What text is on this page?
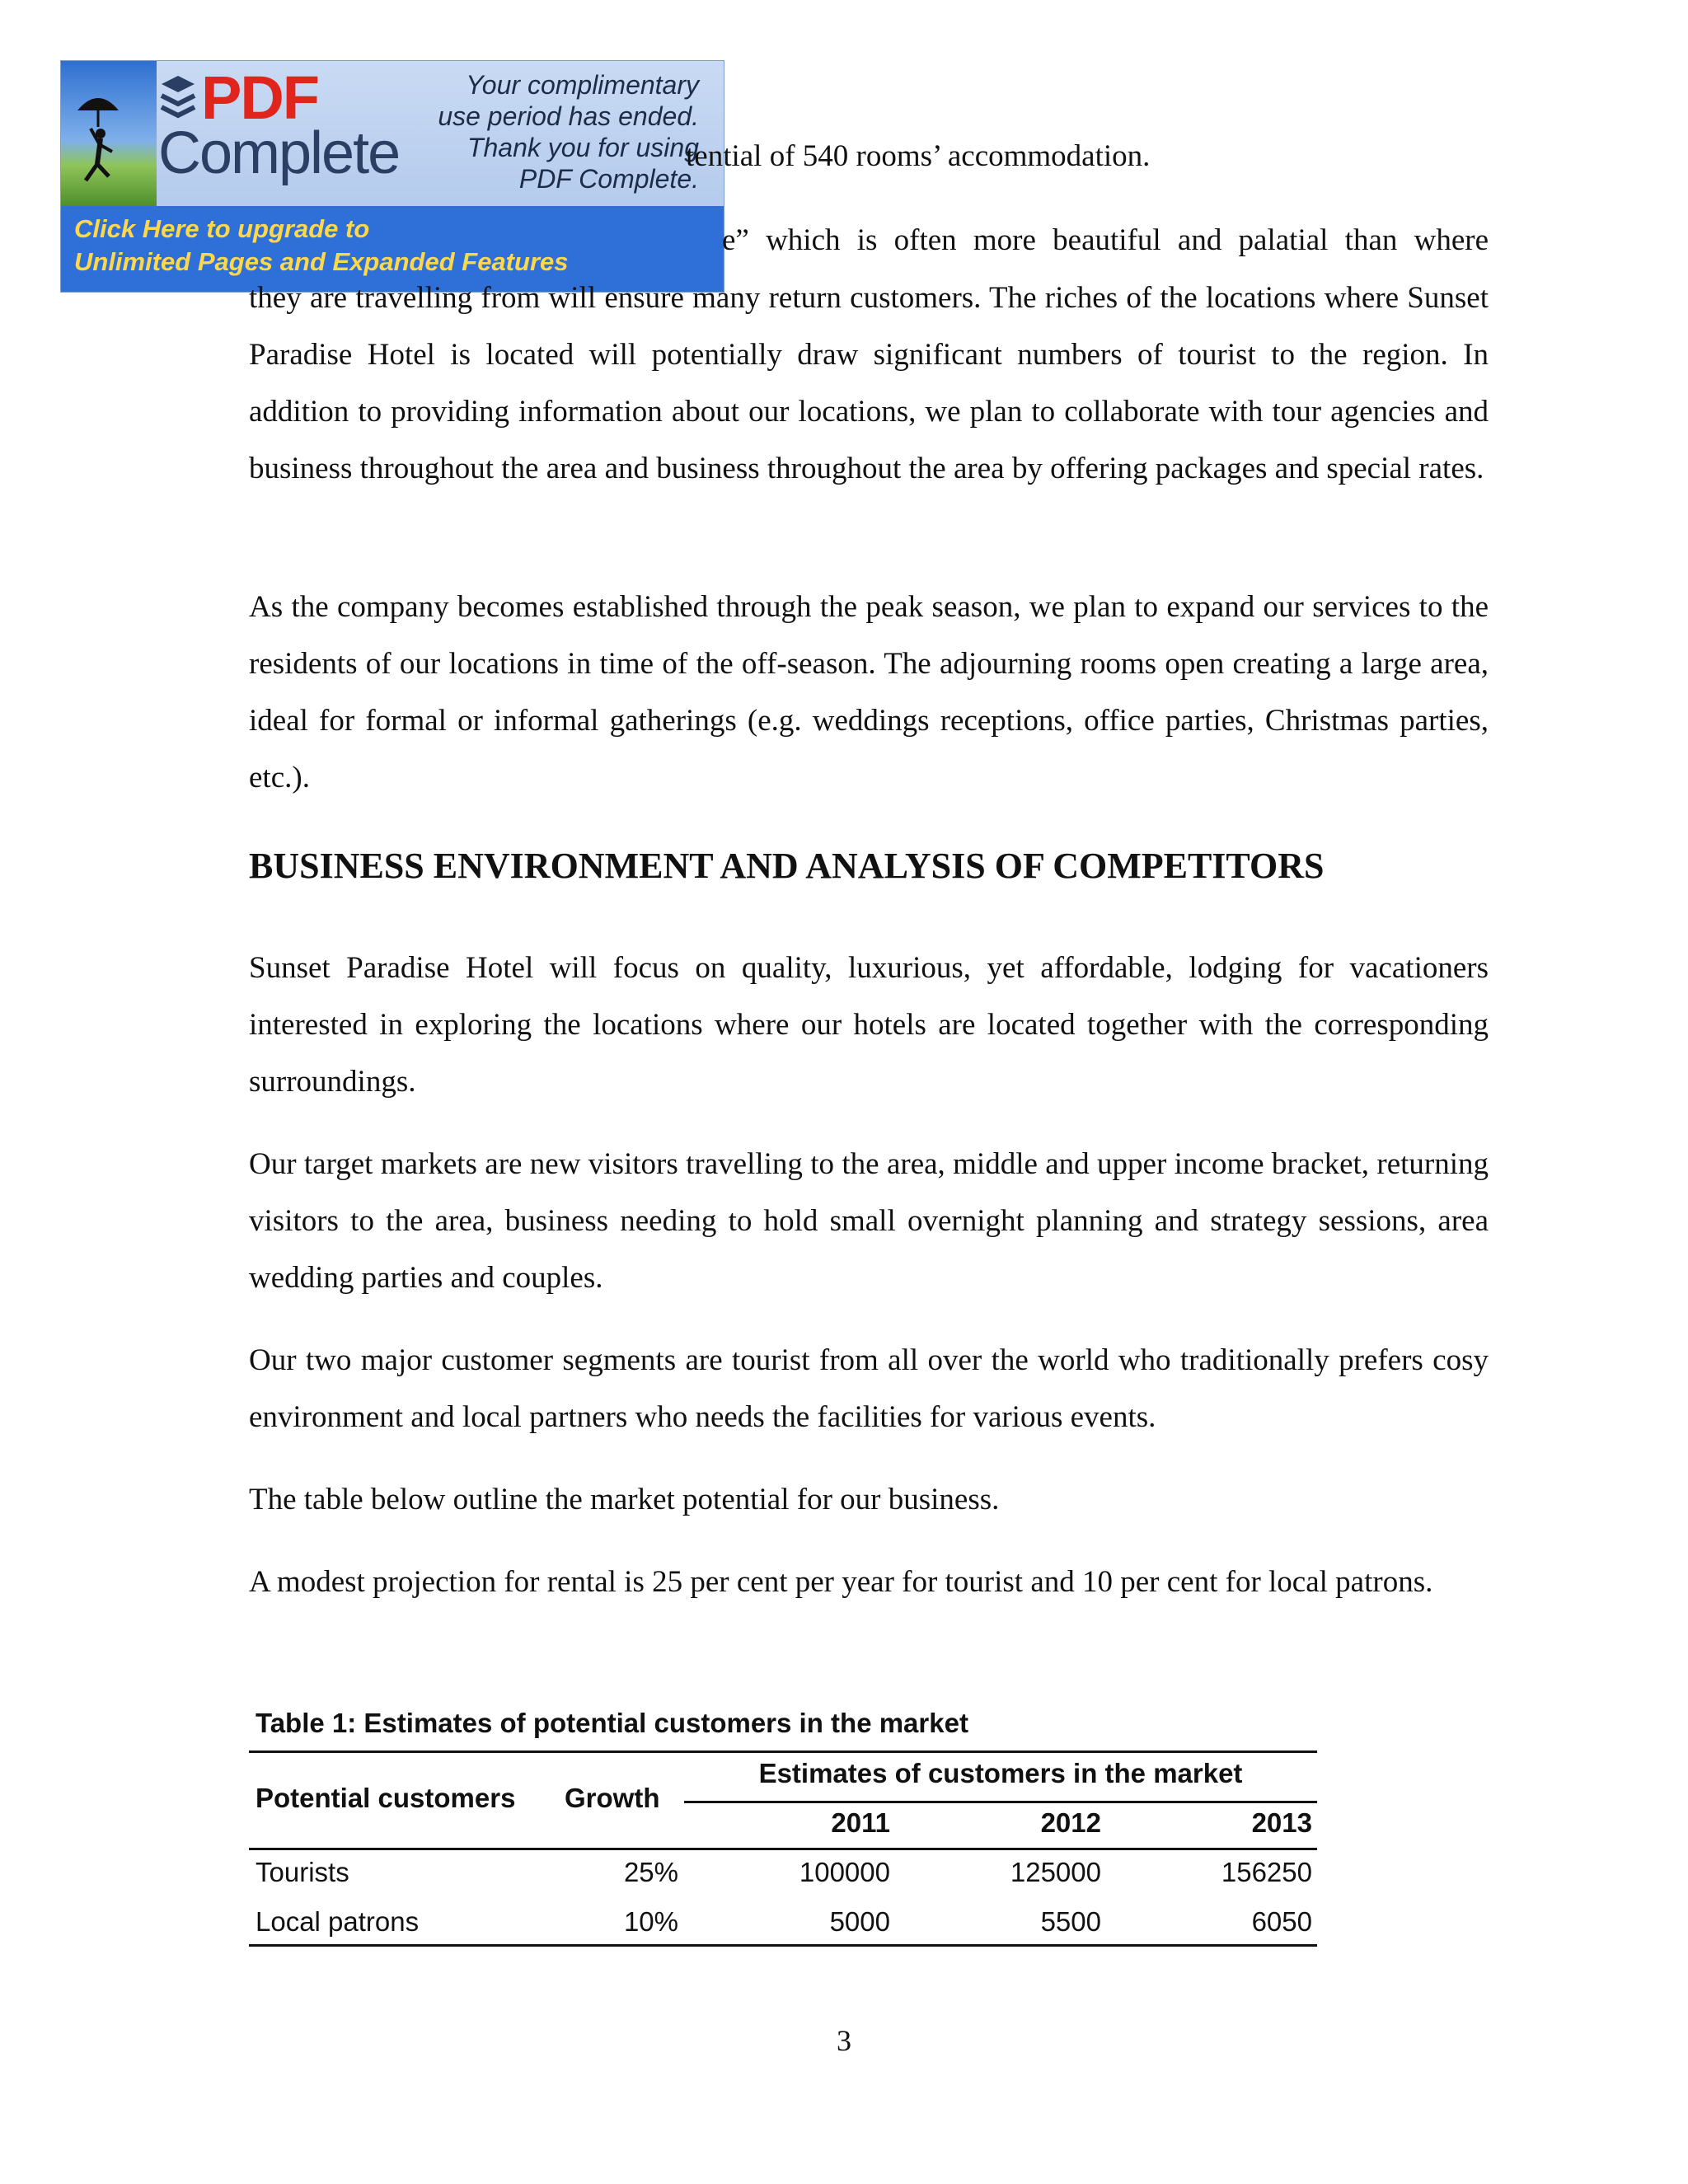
PDF
Complete
Your complimentary
use period has ended.
Thank you for using
PDF Complete.
Click Here to upgrade to
Unlimited Pages and Expanded Features

tential of 540 rooms’ accommodation.

e” which is often more beautiful and palatial than where

they are travelling from will ensure many return customers. The riches of the locations where Sunset Paradise Hotel is located will potentially draw significant numbers of tourist to the region. In addition to providing information about our locations, we plan to collaborate with tour agencies and business throughout the area and business throughout the area by offering packages and special rates.

As the company becomes established through the peak season, we plan to expand our services to the residents of our locations in time of the off-season. The adjourning rooms open creating a large area, ideal for formal or informal gatherings (e.g. weddings receptions, office parties, Christmas parties, etc.).

BUSINESS ENVIRONMENT AND ANALYSIS OF COMPETITORS

Sunset Paradise Hotel will focus on quality, luxurious, yet affordable, lodging for vacationers interested in exploring the locations where our hotels are located together with the corresponding surroundings.

Our target markets are new visitors travelling to the area, middle and upper income bracket, returning visitors to the area, business needing to hold small overnight planning and strategy sessions, area wedding parties and couples.

Our two major customer segments are tourist from all over the world who traditionally prefers cosy environment and local partners who needs the facilities for various events.

The table below outline the market potential for our business.

A modest projection for rental is 25 per cent per year for tourist and 10 per cent for local patrons.

Table 1: Estimates of potential customers in the market
Potential customers Growth
Estimates of customers in the market
2011	2012	2013
Tourists	25%	100000	125000	156250
Local patrons	10%	5000	5500	6050
3
